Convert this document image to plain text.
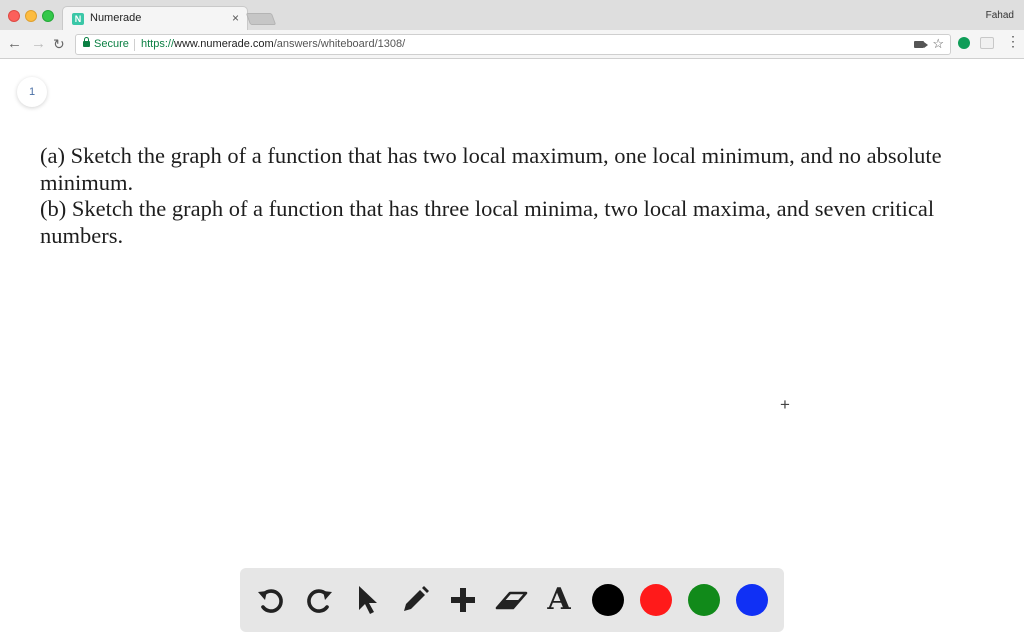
N Numerade	×	Fahad
← → ↻	Secure https://www.numerade.com/answers/whiteboard/1308/	☆	⋮
1

(a) Sketch the graph of a function that has two local maximum, one local minimum, and no absolute minimum.

(b) Sketch the graph of a function that has three local minima, two local maxima, and seven critical numbers.

+
A
